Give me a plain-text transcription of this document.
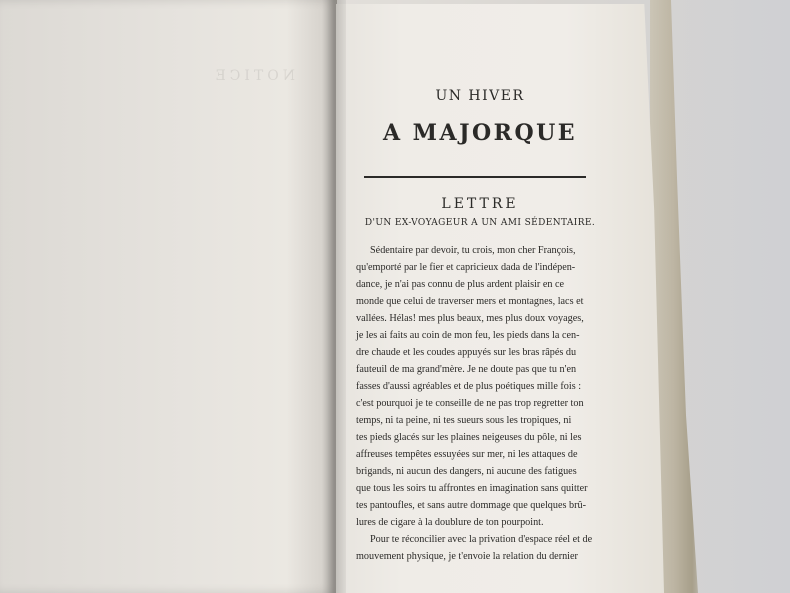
NOTICE
UN HIVER
A MAJORQUE
LETTRE
D'UN EX-VOYAGEUR A UN AMI SÉDENTAIRE.
Sédentaire par devoir, tu crois, mon cher François,
qu'emporté par le fier et capricieux dada de l'indépen-
dance, je n'ai pas connu de plus ardent plaisir en ce
monde que celui de traverser mers et montagnes, lacs et
vallées. Hélas! mes plus beaux, mes plus doux voyages,
je les ai faits au coin de mon feu, les pieds dans la cen-
dre chaude et les coudes appuyés sur les bras râpés du
fauteuil de ma grand'mère. Je ne doute pas que tu n'en
fasses d'aussi agréables et de plus poétiques mille fois :
c'est pourquoi je te conseille de ne pas trop regretter ton
temps, ni ta peine, ni tes sueurs sous les tropiques, ni
tes pieds glacés sur les plaines neigeuses du pôle, ni les
affreuses tempêtes essuyées sur mer, ni les attaques de
brigands, ni aucun des dangers, ni aucune des fatigues
que tous les soirs tu affrontes en imagination sans quitter
tes pantoufles, et sans autre dommage que quelques brû-
lures de cigare à la doublure de ton pourpoint.
Pour te réconcilier avec la privation d'espace réel et de
mouvement physique, je t'envoie la relation du dernier
